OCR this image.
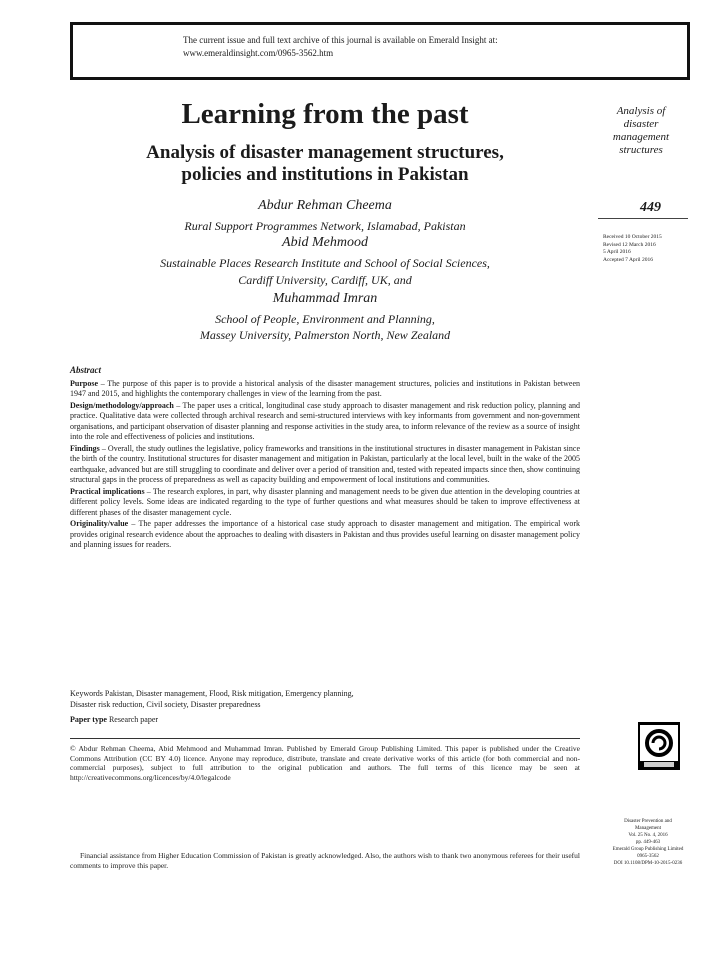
The current issue and full text archive of this journal is available on Emerald Insight at:
www.emeraldinsight.com/0965-3562.htm
Learning from the past
Analysis of disaster management structures,
policies and institutions in Pakistan
Abdur Rehman Cheema
Rural Support Programmes Network, Islamabad, Pakistan
Abid Mehmood
Sustainable Places Research Institute and School of Social Sciences,
Cardiff University, Cardiff, UK, and
Muhammad Imran
School of People, Environment and Planning,
Massey University, Palmerston North, New Zealand
Analysis of
disaster
management
structures
449
Received 10 October 2015
Revised 12 March 2016
5 April 2016
Accepted 7 April 2016
Abstract

Purpose – The purpose of this paper is to provide a historical analysis of the disaster management structures, policies and institutions in Pakistan between 1947 and 2015, and highlights the contemporary challenges in view of the learning from the past.

Design/methodology/approach – The paper uses a critical, longitudinal case study approach to disaster management and risk reduction policy, planning and practice. Qualitative data were collected through archival research and semi-structured interviews with key informants from government and non-government organisations, and participant observation of disaster planning and response activities in the study area, to inform relevance of the review as a source of insight into the role and effectiveness of policies and institutions.

Findings – Overall, the study outlines the legislative, policy frameworks and transitions in the institutional structures in disaster management in Pakistan since the birth of the country. Institutional structures for disaster management and mitigation in Pakistan, particularly at the local level, built in the wake of the 2005 earthquake, advanced but are still struggling to coordinate and deliver over a period of transition and, tested with repeated impacts since then, show continuing structural gaps in the process of preparedness as well as capacity building and empowerment of local institutions and communities.

Practical implications – The research explores, in part, why disaster planning and management needs to be given due attention in the developing countries at different policy levels. Some ideas are indicated regarding to the type of further questions and what measures should be taken to improve effectiveness at different phases of the disaster management cycle.

Originality/value – The paper addresses the importance of a historical case study approach to disaster management and mitigation. The empirical work provides original research evidence about the approaches to dealing with disasters in Pakistan and thus provides useful learning on disaster management policy and planning issues for readers.

Keywords Pakistan, Disaster management, Flood, Risk mitigation, Emergency planning,

Disaster risk reduction, Civil society, Disaster preparedness

Paper type Research paper
© Abdur Rehman Cheema, Abid Mehmood and Muhammad Imran. Published by Emerald Group Publishing Limited. This paper is published under the Creative Commons Attribution (CC BY 4.0) licence. Anyone may reproduce, distribute, translate and create derivative works of this article (for both commercial and non-commercial purposes), subject to full attribution to the original publication and authors. The full terms of this licence may be seen at http://creativecommons.org/licences/by/4.0/legalcode
Financial assistance from Higher Education Commission of Pakistan is greatly acknowledged. Also, the authors wish to thank two anonymous referees for their useful comments to improve this paper.
Disaster Prevention and
Management
Vol. 25 No. 4, 2016
pp. 449-463
Emerald Group Publishing Limited
0965-3562
DOI 10.1108/DPM-10-2015-0236
